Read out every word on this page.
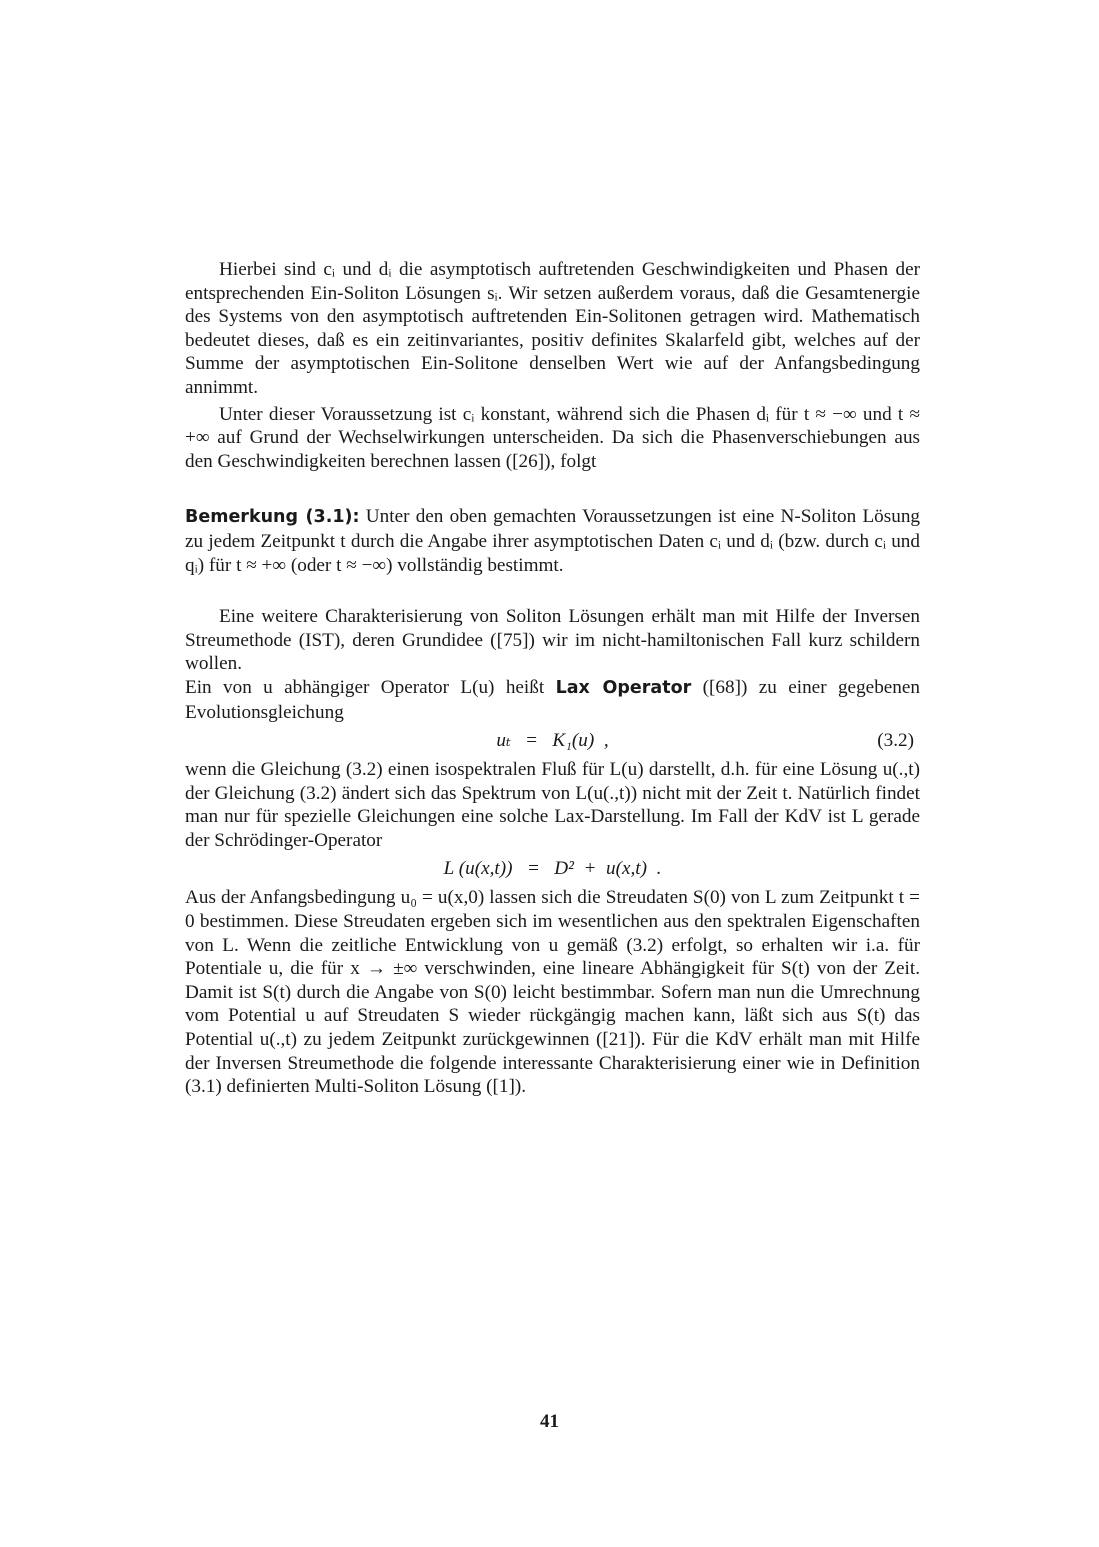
Hierbei sind cᵢ und dᵢ die asymptotisch auftretenden Geschwindigkeiten und Phasen der entsprechenden Ein-Soliton Lösungen sᵢ. Wir setzen außerdem voraus, daß die Gesamtenergie des Systems von den asymptotisch auftretenden Ein-Solitonen getragen wird. Mathematisch bedeutet dieses, daß es ein zeitinvariantes, positiv definites Skalarfeld gibt, welches auf der Summe der asymptotischen Ein-Solitone denselben Wert wie auf der Anfangsbedingung annimmt.

Unter dieser Voraussetzung ist cᵢ konstant, während sich die Phasen dᵢ für t ≈ −∞ und t ≈ +∞ auf Grund der Wechselwirkungen unterscheiden. Da sich die Phasenverschiebungen aus den Geschwindigkeiten berechnen lassen ([26]), folgt

Bemerkung (3.1): Unter den oben gemachten Voraussetzungen ist eine N-Soliton Lösung zu jedem Zeitpunkt t durch die Angabe ihrer asymptotischen Daten cᵢ und dᵢ (bzw. durch cᵢ und qᵢ) für t ≈ +∞ (oder t ≈ −∞) vollständig bestimmt.

Eine weitere Charakterisierung von Soliton Lösungen erhält man mit Hilfe der Inversen Streumethode (IST), deren Grundidee ([75]) wir im nicht-hamiltonischen Fall kurz schildern wollen.

Ein von u abhängiger Operator L(u) heißt Lax Operator ([68]) zu einer gegebenen Evolutionsgleichung

uₜ   =   K₁(u)  ,	(3.2)

wenn die Gleichung (3.2) einen isospektralen Fluß für L(u) darstellt, d.h. für eine Lösung u(.,t) der Gleichung (3.2) ändert sich das Spektrum von L(u(.,t)) nicht mit der Zeit t. Natürlich findet man nur für spezielle Gleichungen eine solche Lax-Darstellung. Im Fall der KdV ist L gerade der Schrödinger-Operator

L (u(x,t))   =   D²  +  u(x,t)  .

Aus der Anfangsbedingung u₀ = u(x,0) lassen sich die Streudaten S(0) von L zum Zeitpunkt t = 0 bestimmen. Diese Streudaten ergeben sich im wesentlichen aus den spektralen Eigenschaften von L. Wenn die zeitliche Entwicklung von u gemäß (3.2) erfolgt, so erhalten wir i.a. für Potentiale u, die für x → ±∞ verschwinden, eine lineare Abhängigkeit für S(t) von der Zeit. Damit ist S(t) durch die Angabe von S(0) leicht bestimmbar. Sofern man nun die Umrechnung vom Potential u auf Streudaten S wieder rückgängig machen kann, läßt sich aus S(t) das Potential u(.,t) zu jedem Zeitpunkt zurückgewinnen ([21]). Für die KdV erhält man mit Hilfe der Inversen Streumethode die folgende interessante Charakterisierung einer wie in Definition (3.1) definierten Multi-Soliton Lösung ([1]).

41
